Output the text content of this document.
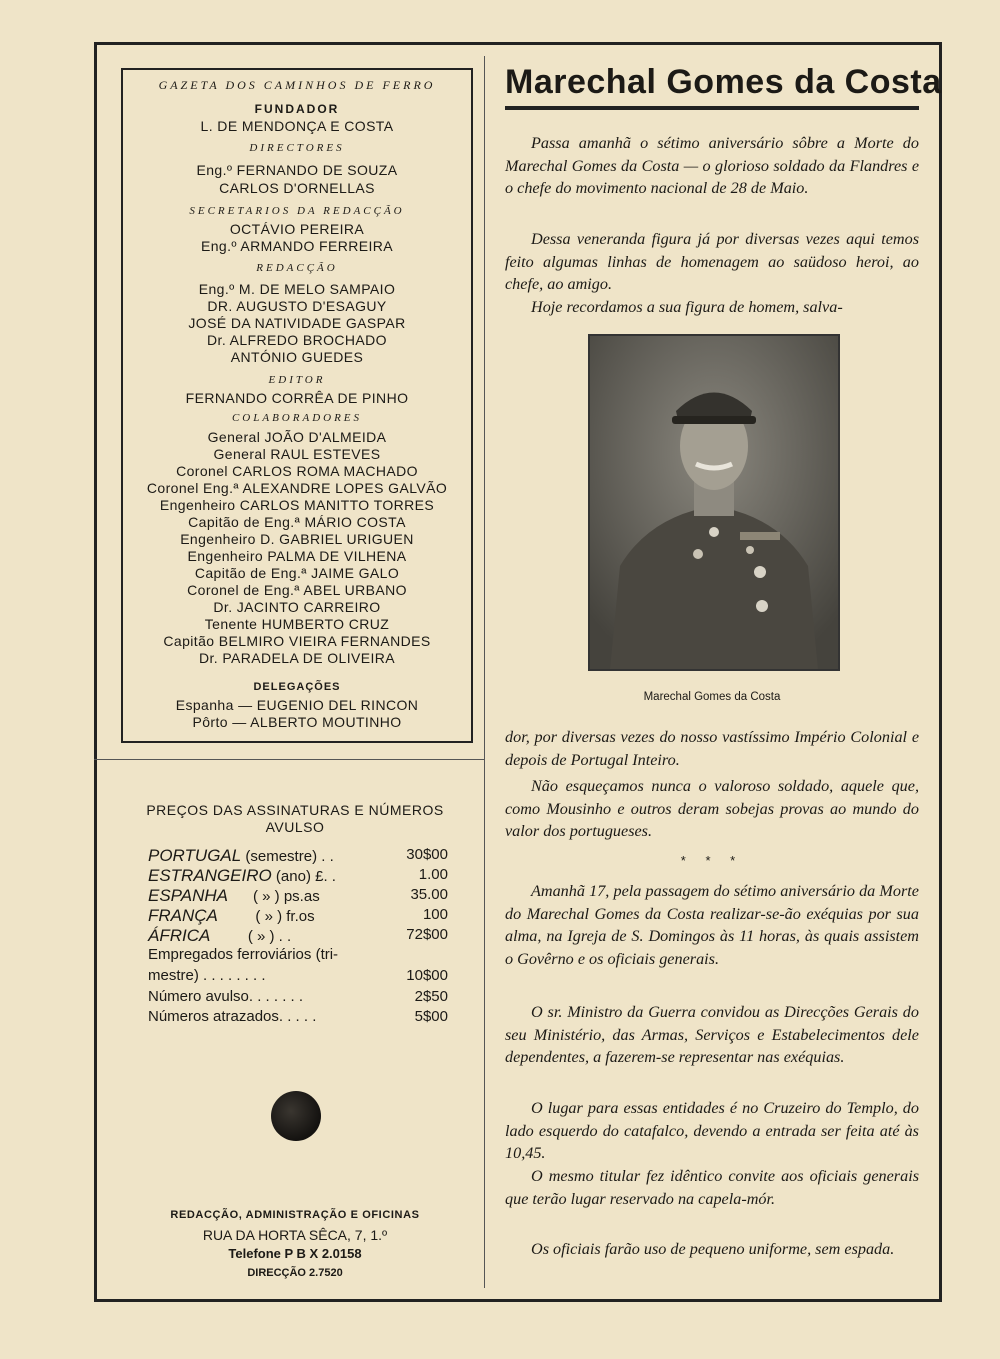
GAZETA DOS CAMINHOS DE FERRO

FUNDADOR

L. DE MENDONÇA E COSTA

DIRECTORES

Eng.º FERNANDO DE SOUZA

CARLOS D'ORNELLAS

SECRETARIOS DA REDACÇÃO

OCTÁVIO PEREIRA

Eng.º ARMANDO FERREIRA

REDACÇÃO

Eng.º M. DE MELO SAMPAIO

DR. AUGUSTO D'ESAGUY

JOSÉ DA NATIVIDADE GASPAR

Dr. ALFREDO BROCHADO

ANTÓNIO GUEDES

EDITOR

FERNANDO CORRÊA DE PINHO

COLABORADORES

General JOÃO D'ALMEIDA

General RAUL ESTEVES

Coronel CARLOS ROMA MACHADO

Coronel Eng.ª ALEXANDRE LOPES GALVÃO

Engenheiro CARLOS MANITTO TORRES

Capitão de Eng.ª MÁRIO COSTA

Engenheiro D. GABRIEL URIGUEN

Engenheiro PALMA DE VILHENA

Capitão de Eng.ª JAIME GALO

Coronel de Eng.ª ABEL URBANO

Dr. JACINTO CARREIRO

Tenente HUMBERTO CRUZ

Capitão BELMIRO VIEIRA FERNANDES

Dr. PARADELA DE OLIVEIRA

DELEGAÇÕES

Espanha — EUGENIO DEL RINCON

Pôrto — ALBERTO MOUTINHO

PREÇOS DAS ASSINATURAS E NÚMEROS
AVULSO
PORTUGAL (semestre) . .	30$00
ESTRANGEIRO (ano) £. .	1.00
ESPANHA      ( » ) ps.as	35.00
FRANÇA         ( » ) fr.os	100
ÁFRICA         ( » ) . .	72$00
Empregados ferroviários (tri-
mestre) . . . . . . . .	10$00
Número avulso. . . . . . .	2$50
Números atrazados. . . . .	5$00
REDACÇÃO, ADMINISTRAÇÃO E OFICINAS
RUA DA HORTA SÊCA, 7, 1.º
Telefone P B X 2.0158
DIRECÇÃO 2.7520
Marechal Gomes da Costa

Passa amanhã o sétimo aniversário sôbre a Morte do Marechal Gomes da Costa — o glorioso soldado da Flandres e o chefe do movimento nacional de 28 de Maio.

Dessa veneranda figura já por diversas vezes aqui temos feito algumas linhas de homenagem ao saüdoso heroi, ao chefe, ao amigo.

Hoje recordamos a sua figura de homem, salva-

Marechal Gomes da Costa

dor, por diversas vezes do nosso vastíssimo Império Colonial e depois de Portugal Inteiro.

Não esqueçamos nunca o valoroso soldado, aquele que, como Mousinho e outros deram sobejas provas ao mundo do valor dos portugueses.

* * *

Amanhã 17, pela passagem do sétimo aniversário da Morte do Marechal Gomes da Costa realizar-se-ão exéquias por sua alma, na Igreja de S. Domingos às 11 horas, às quais assistem o Govêrno e os oficiais generais.

O sr. Ministro da Guerra convidou as Direcções Gerais do seu Ministério, das Armas, Serviços e Estabelecimentos dele dependentes, a fazerem-se representar nas exéquias.

O lugar para essas entidades é no Cruzeiro do Templo, do lado esquerdo do catafalco, devendo a entrada ser feita até às 10,45.

O mesmo titular fez idêntico convite aos oficiais generais que terão lugar reservado na capela-mór.

Os oficiais farão uso de pequeno uniforme, sem espada.
